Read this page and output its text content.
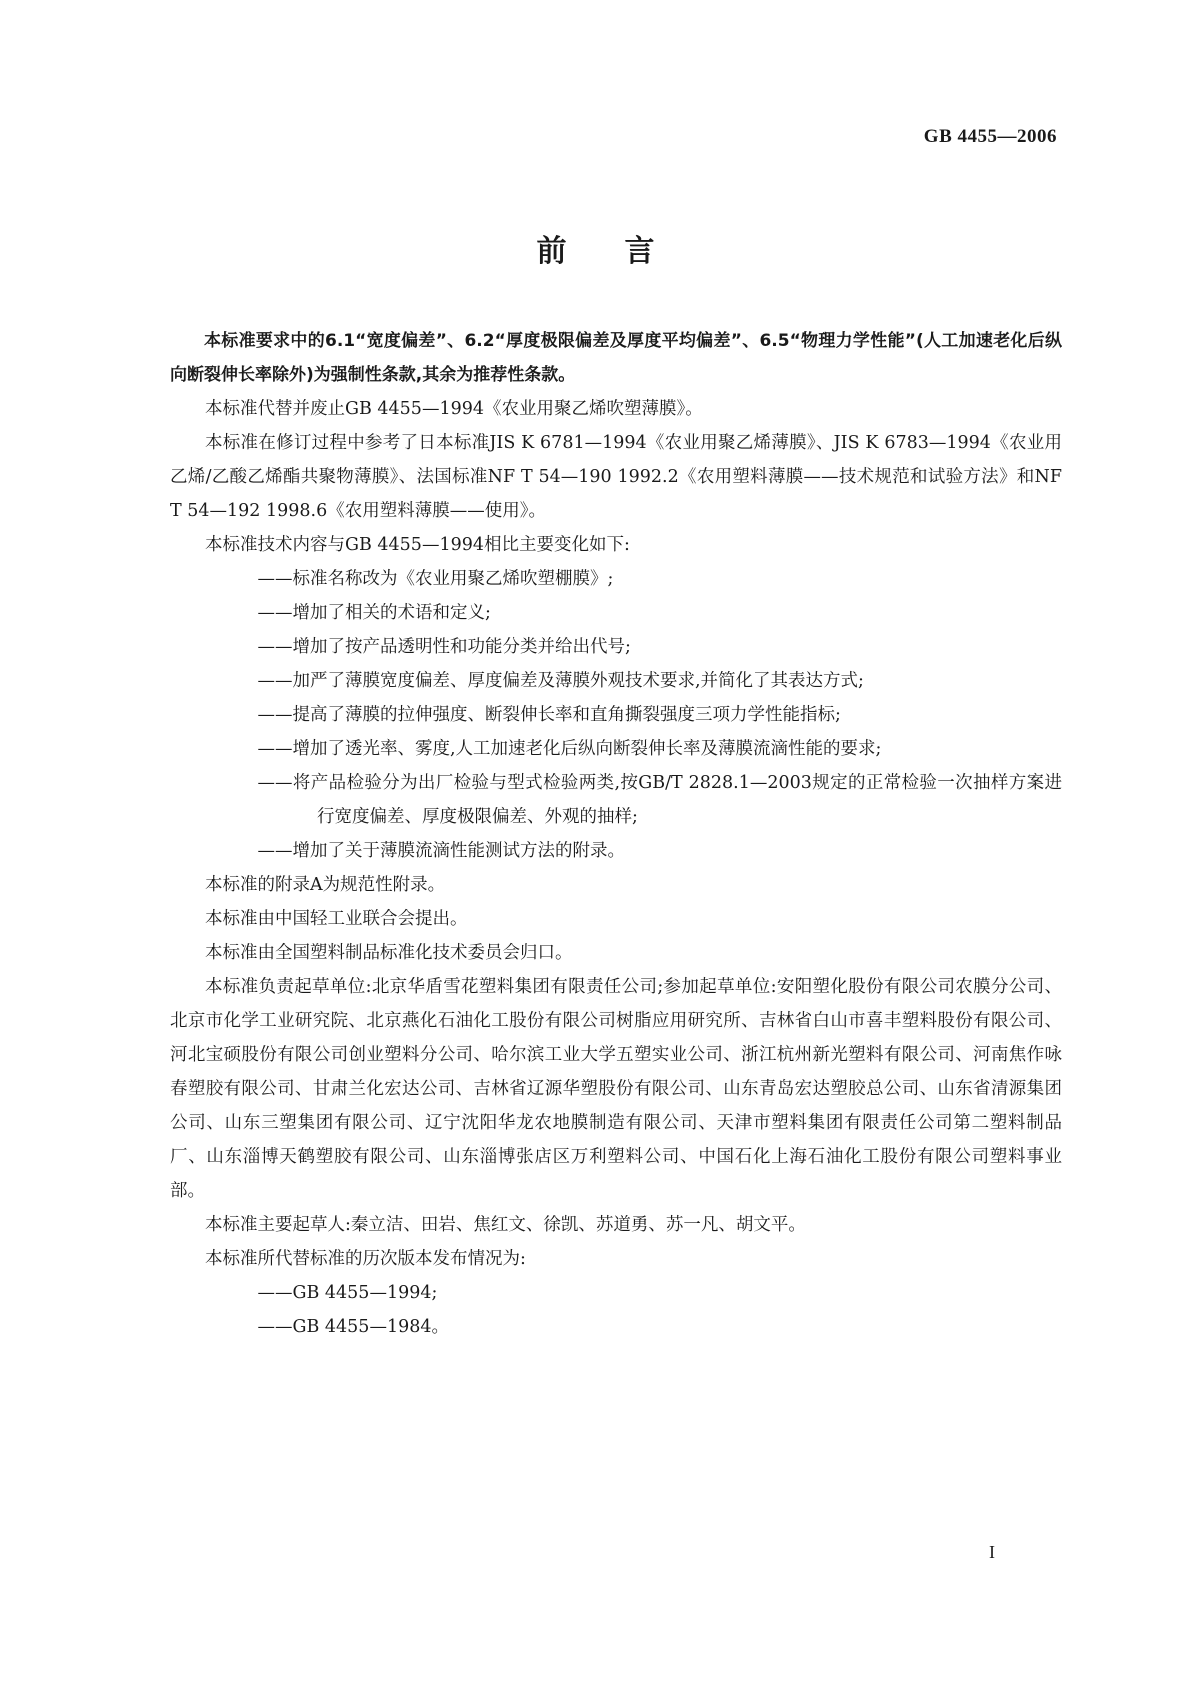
GB 4455—2006
前言

本标准要求中的6.1“宽度偏差”、6.2“厚度极限偏差及厚度平均偏差”、6.5“物理力学性能”(人工加速老化后纵向断裂伸长率除外)为强制性条款,其余为推荐性条款。

本标准代替并废止GB 4455—1994《农业用聚乙烯吹塑薄膜》。

本标准在修订过程中参考了日本标准JIS K 6781—1994《农业用聚乙烯薄膜》、JIS K 6783—1994《农业用乙烯/乙酸乙烯酯共聚物薄膜》、法国标准NF T 54—190 1992.2《农用塑料薄膜——技术规范和试验方法》和NF T 54—192 1998.6《农用塑料薄膜——使用》。

本标准技术内容与GB 4455—1994相比主要变化如下:

——标准名称改为《农业用聚乙烯吹塑棚膜》;
——增加了相关的术语和定义;
——增加了按产品透明性和功能分类并给出代号;
——加严了薄膜宽度偏差、厚度偏差及薄膜外观技术要求,并简化了其表达方式;
——提高了薄膜的拉伸强度、断裂伸长率和直角撕裂强度三项力学性能指标;
——增加了透光率、雾度,人工加速老化后纵向断裂伸长率及薄膜流滴性能的要求;
——将产品检验分为出厂检验与型式检验两类,按GB/T 2828.1—2003规定的正常检验一次抽样方案进行宽度偏差、厚度极限偏差、外观的抽样;
——增加了关于薄膜流滴性能测试方法的附录。

本标准的附录A为规范性附录。

本标准由中国轻工业联合会提出。

本标准由全国塑料制品标准化技术委员会归口。

本标准负责起草单位:北京华盾雪花塑料集团有限责任公司;参加起草单位:安阳塑化股份有限公司农膜分公司、北京市化学工业研究院、北京燕化石油化工股份有限公司树脂应用研究所、吉林省白山市喜丰塑料股份有限公司、河北宝硕股份有限公司创业塑料分公司、哈尔滨工业大学五塑实业公司、浙江杭州新光塑料有限公司、河南焦作咏春塑胶有限公司、甘肃兰化宏达公司、吉林省辽源华塑股份有限公司、山东青岛宏达塑胶总公司、山东省清源集团公司、山东三塑集团有限公司、辽宁沈阳华龙农地膜制造有限公司、天津市塑料集团有限责任公司第二塑料制品厂、山东淄博天鹤塑胶有限公司、山东淄博张店区万利塑料公司、中国石化上海石油化工股份有限公司塑料事业部。

本标准主要起草人:秦立洁、田岩、焦红文、徐凯、苏道勇、苏一凡、胡文平。

本标准所代替标准的历次版本发布情况为:

——GB 4455—1994;
——GB 4455—1984。
I
